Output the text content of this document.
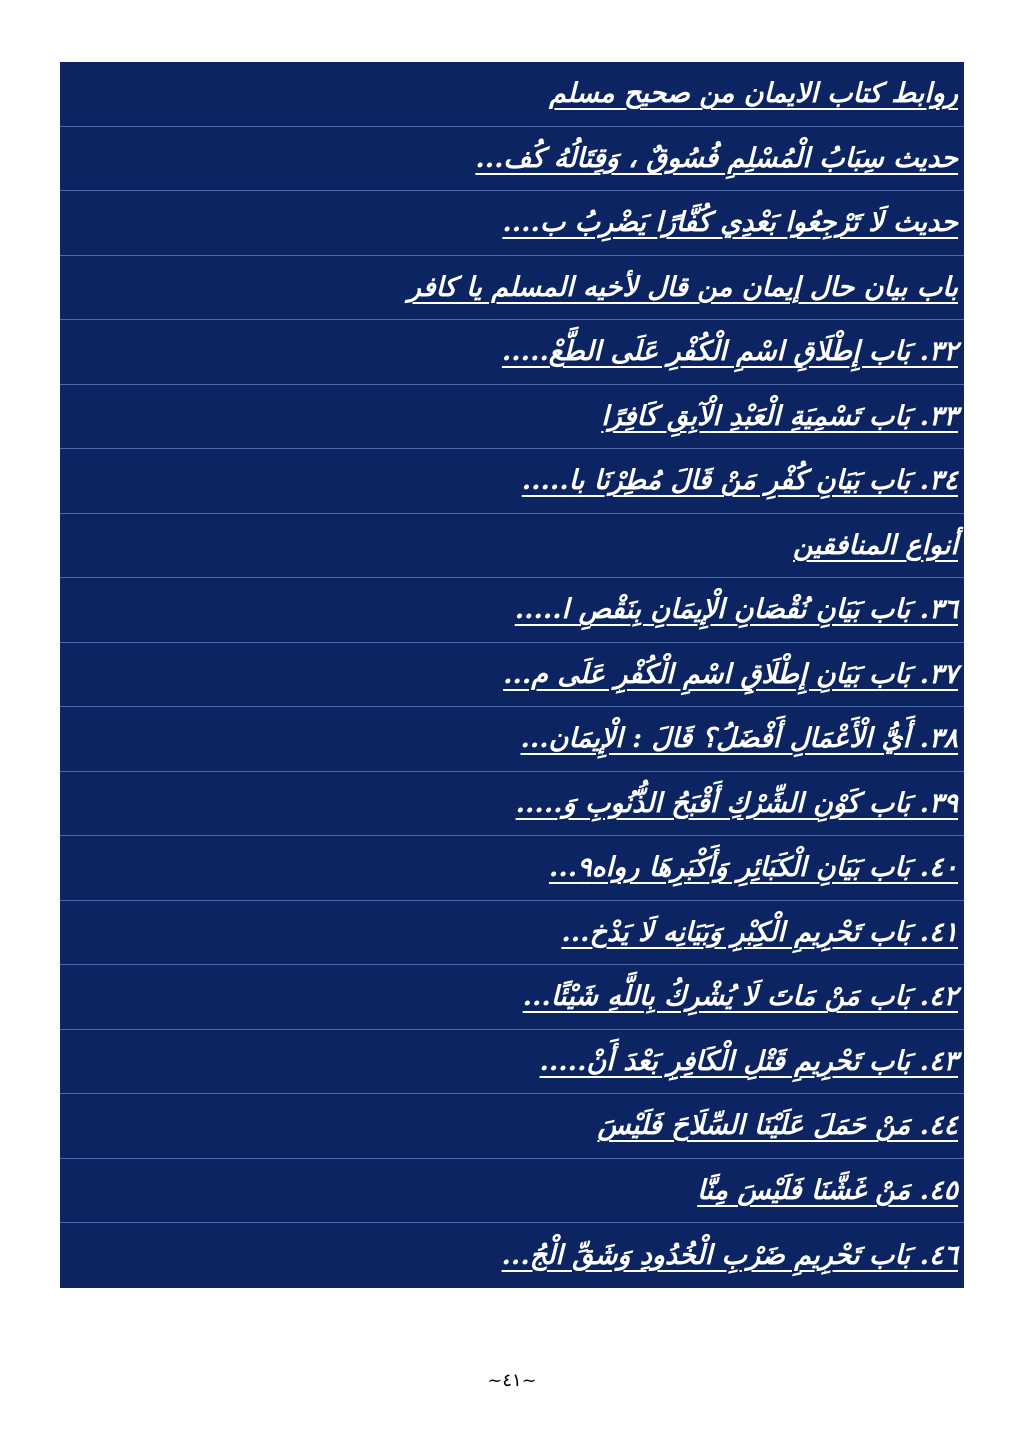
روابط كتاب الايمان من صحيح مسلم
حديث سِبَابُ الْمُسْلِمِ فُسُوقٌ ، وَقِتَالُهُ كُف...
حديث لَا تَرْجِعُوا بَعْدِي كُفَّارًا يَضْرِبُ ب....
باب بيان حال إيمان من قال لأخيه المسلم يا كافر
٣٢. بَاب إِطْلَاقِ اسْمِ الْكُفْرِ عَلَى الطَّعْ.....
٣٣. بَاب تَسْمِيَةِ الْعَبْدِ الْآبِقِ كَافِرًا
٣٤. بَاب بَيَانِ كُفْرِ مَنْ قَالَ مُطِرْنَا با.....
أنواع المنافقين
٣٦. بَاب بَيَانِ نُقْصَانِ الْإِيمَانِ بِنَقْصِ ا.....
٣٧. بَاب بَيَانِ إِطْلَاقِ اسْمِ الْكُفْرِ عَلَى م...
٣٨. أَيُّ الْأَعْمَالِ أَفْضَلُ؟ قَالَ : الْإِيمَان...
٣٩. بَاب كَوْنِ الشِّرْكِ أَقْبَحُ الذُّنُوبِ وَ.....
٤٠. بَاب بَيَانِ الْكَبَائِرِ وَأَكْبَرِهَا رواه٩...
٤١. بَاب تَحْرِيمِ الْكِبْرِ وَبَيَانِه لَا يَدْخ...
٤٢. بَاب مَنْ مَاتَ لَا يُشْرِكُ بِاللَّهِ شَيْئًا...
٤٣. بَاب تَحْرِيمِ قَتْلِ الْكَافِرِ بَعْدَ أَنْ.....
٤٤. مَنْ حَمَلَ عَلَيْنَا السِّلَاحَ فَلَيْسَ
٤٥. مَنْ غَشَّنَا فَلَيْسَ مِنَّا
٤٦. بَاب تَحْرِيمِ ضَرْبِ الْخُدُودِ وَشَقِّ الْجُ...
~٤١~
